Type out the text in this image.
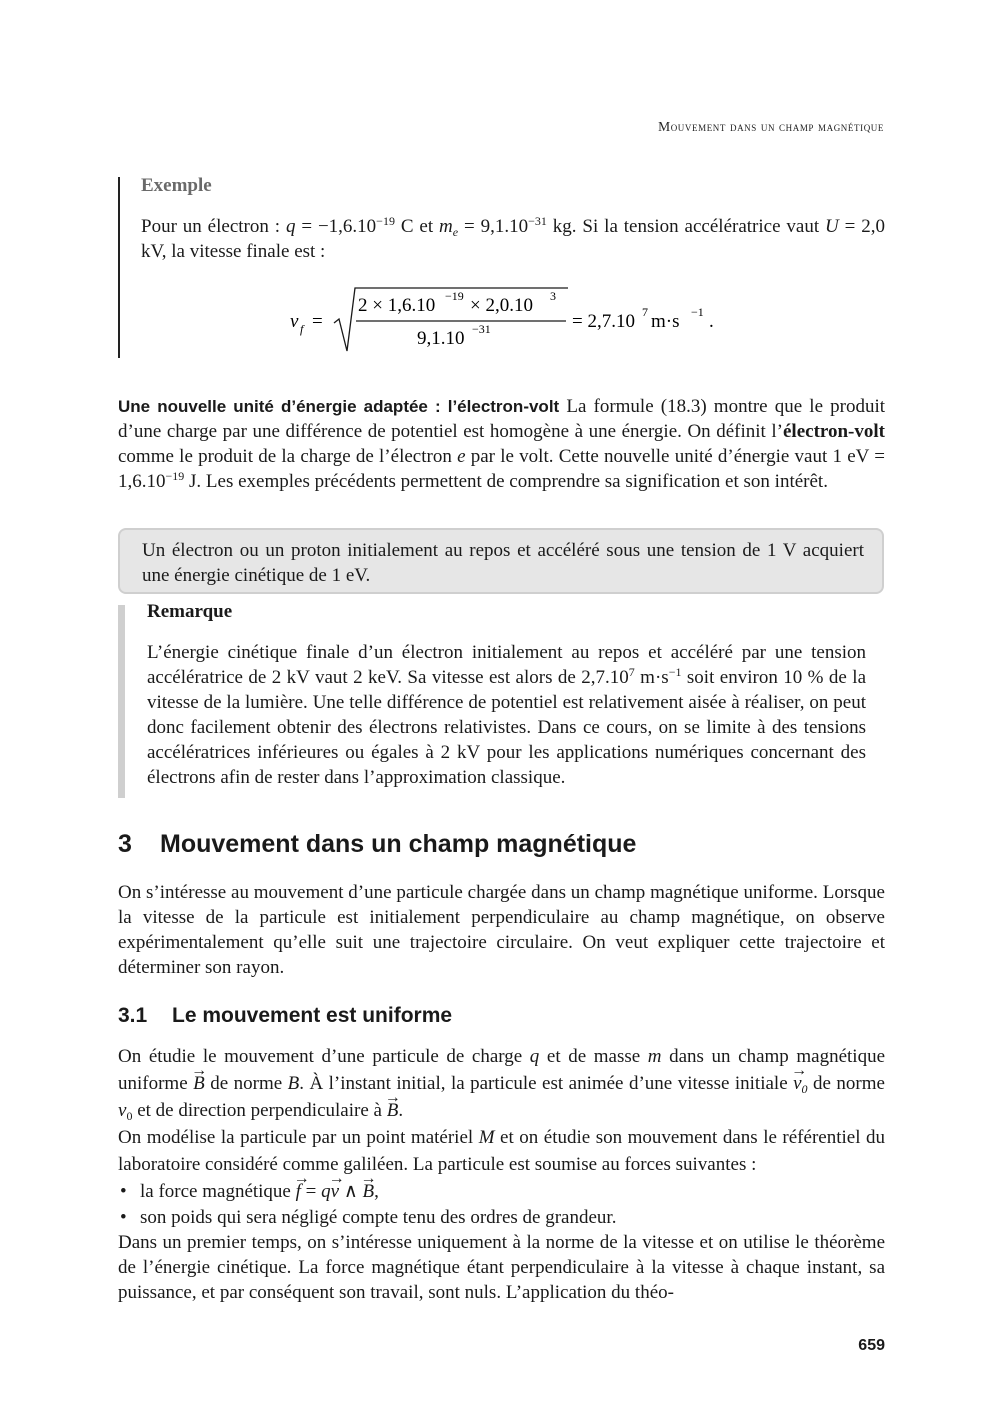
Mouvement dans un champ magnétique
Exemple

Pour un électron : $q = -1,6.10^{-19}$ C et $m_e = 9,1.10^{-31}$ kg. Si la tension accélératrice vaut U = 2,0 kV, la vitesse finale est :

v f =
2 × 1,6.10 −19 × 2,0.10 3
9,1.10 −31	= 2,7.10 7 m·s −1 .

Une nouvelle unité d’énergie adaptée : l’électron-volt La formule (18.3) montre que le produit d’une charge par une différence de potentiel est homogène à une énergie. On définit l’électron-volt comme le produit de la charge de l’électron e par le volt. Cette nouvelle unité d’énergie vaut 1 eV = $1,6.10^{-19}$ J. Les exemples précédents permettent de comprendre sa signification et son intérêt.

Un électron ou un proton initialement au repos et accéléré sous une tension de 1 V acquiert une énergie cinétique de 1 eV.

Remarque

L’énergie cinétique finale d’un électron initialement au repos et accéléré par une tension accélératrice de 2 kV vaut 2 keV. Sa vitesse est alors de 2,7.10$^7$ $m\cdot s^{-1}$ soit environ 10 % de la vitesse de la lumière. Une telle différence de potentiel est relativement aisée à réaliser, on peut donc facilement obtenir des électrons relativistes. Dans ce cours, on se limite à des tensions accélératrices inférieures ou égales à 2 kV pour les applications numériques concernant des électrons afin de rester dans l’approximation classique.

3 Mouvement dans un champ magnétique

On s’intéresse au mouvement d’une particule chargée dans un champ magnétique uniforme. Lorsque la vitesse de la particule est initialement perpendiculaire au champ magnétique, on observe expérimentalement qu’elle suit une trajectoire circulaire. On veut expliquer cette trajectoire et déterminer son rayon.

3.1 Le mouvement est uniforme

On étudie le mouvement d’une particule de charge q et de masse m dans un champ magnétique uniforme → B de norme B. À l’instant initial, la particule est animée d’une vitesse initiale → $v_0$ de norme $v_0$ et de direction perpendiculaire à → B.

On modélise la particule par un point matériel M et on étudie son mouvement dans le référentiel du laboratoire considéré comme galiléen. La particule est soumise au forces suivantes :

• la force magnétique → f = q→ v ∧ → B,

• son poids qui sera négligé compte tenu des ordres de grandeur.

Dans un premier temps, on s’intéresse uniquement à la norme de la vitesse et on utilise le théorème de l’énergie cinétique. La force magnétique étant perpendiculaire à la vitesse à chaque instant, sa puissance, et par conséquent son travail, sont nuls. L’application du théo-

659
